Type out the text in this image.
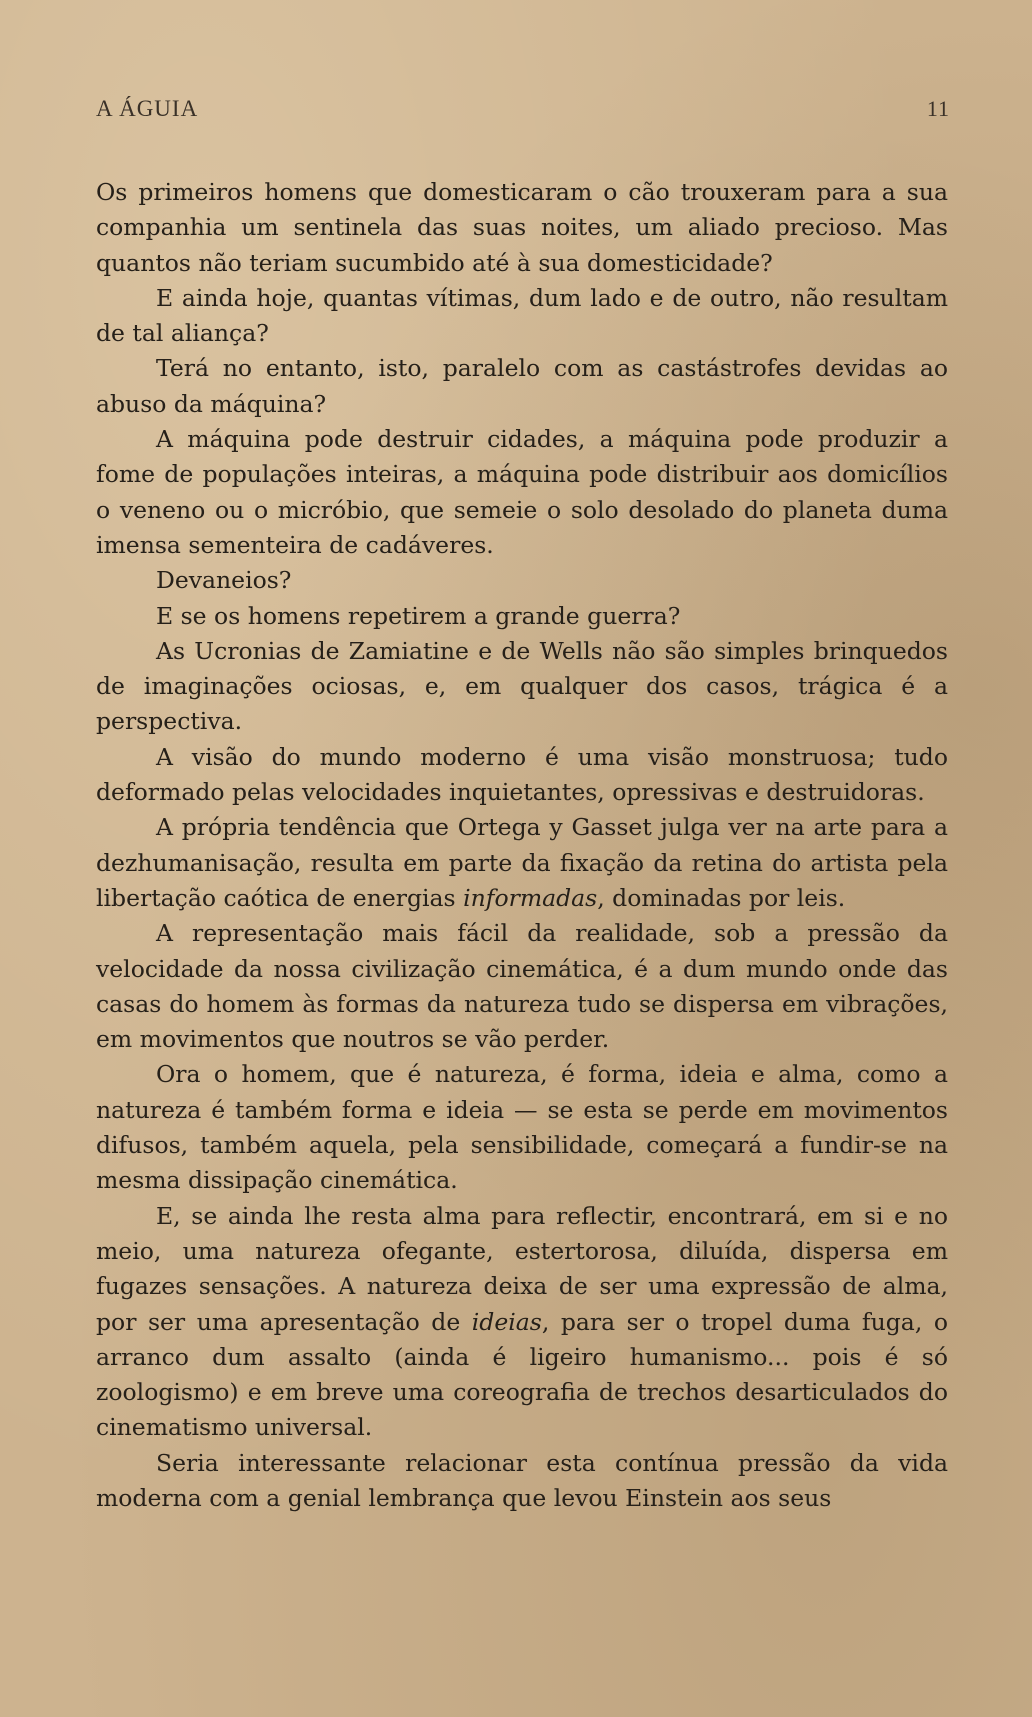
A ÁGUIA	11

Os primeiros homens que domesticaram o cão trouxeram para a sua companhia um sentinela das suas noites, um aliado precioso. Mas quantos não teriam sucumbido até à sua domesticidade?

E ainda hoje, quantas vítimas, dum lado e de outro, não resultam de tal aliança?

Terá no entanto, isto, paralelo com as castástrofes devidas ao abuso da máquina?

A máquina pode destruir cidades, a máquina pode produzir a fome de populações inteiras, a máquina pode distribuir aos domicílios o veneno ou o micróbio, que semeie o solo desolado do planeta duma imensa sementeira de cadáveres.

Devaneios?

E se os homens repetirem a grande guerra?

As Ucronias de Zamiatine e de Wells não são simples brinquedos de imaginações ociosas, e, em qualquer dos casos, trágica é a perspectiva.

A visão do mundo moderno é uma visão monstruosa; tudo deformado pelas velocidades inquietantes, opressivas e destruidoras.

A própria tendência que Ortega y Gasset julga ver na arte para a dezhumanisação, resulta em parte da fixação da retina do artista pela libertação caótica de energias informadas, dominadas por leis.

A representação mais fácil da realidade, sob a pressão da velocidade da nossa civilização cinemática, é a dum mundo onde das casas do homem às formas da natureza tudo se dispersa em vibrações, em movimentos que noutros se vão perder.

Ora o homem, que é natureza, é forma, ideia e alma, como a natureza é também forma e ideia — se esta se perde em movimentos difusos, também aquela, pela sensibilidade, começará a fundir-se na mesma dissipação cinemática.

E, se ainda lhe resta alma para reflectir, encontrará, em si e no meio, uma natureza ofegante, estertorosa, diluída, dispersa em fugazes sensações. A natureza deixa de ser uma expressão de alma, por ser uma apresentação de ideias, para ser o tropel duma fuga, o arranco dum assalto (ainda é ligeiro humanismo... pois é só zoologismo) e em breve uma coreografia de trechos desarticulados do cinematismo universal.

Seria interessante relacionar esta contínua pressão da vida moderna com a genial lembrança que levou Einstein aos seus
